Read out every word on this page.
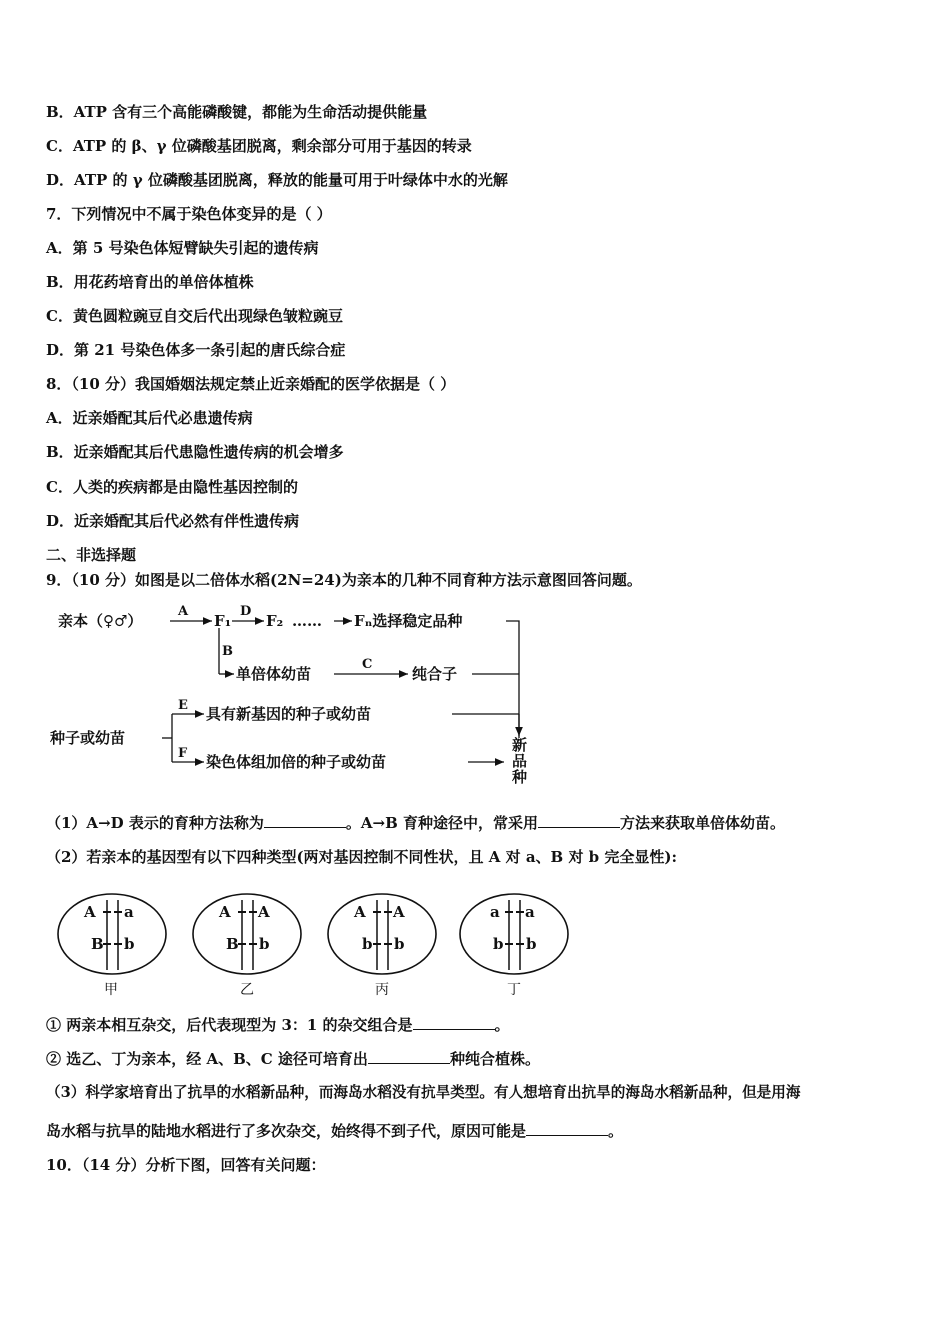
B．ATP 含有三个高能磷酸键，都能为生命活动提供能量
C．ATP 的 β、γ 位磷酸基团脱离，剩余部分可用于基因的转录
D．ATP 的 γ 位磷酸基团脱离，释放的能量可用于叶绿体中水的光解
7．下列情况中不属于染色体变异的是（ ）
A．第 5 号染色体短臂缺失引起的遗传病
B．用花药培育出的单倍体植株
C．黄色圆粒豌豆自交后代出现绿色皱粒豌豆
D．第 21 号染色体多一条引起的唐氏综合症
8．（10 分）我国婚姻法规定禁止近亲婚配的医学依据是（ ）
A．近亲婚配其后代必患遗传病
B．近亲婚配其后代患隐性遗传病的机会增多
C．人类的疾病都是由隐性基因控制的
D．近亲婚配其后代必然有伴性遗传病
二、非选择题
9．（10 分）如图是以二倍体水稻(2N=24)为亲本的几种不同育种方法示意图回答问题。
亲本（♀♂）
A
F₁
D
F₂ …… Fₙ选择稳定品种
B
单倍体幼苗
C
纯合子
种子或幼苗
E 具有新基因的种子或幼苗
F 染色体组加倍的种子或幼苗
新
品
种
（1）A→D 表示的育种方法称为	。A→B 育种途径中，常采用	方法来获取单倍体幼苗。
（2）若亲本的基因型有以下四种类型(两对基因控制不同性状，且 A 对 a、B 对 b 完全显性):
A a
B b
甲
A A
B b
乙
A A
b b
丙
a a
b b
丁
① 两亲本相互杂交，后代表现型为 3：1 的杂交组合是	。
② 选乙、丁为亲本，经 A、B、C 途径可培育出	种纯合植株。
（3）科学家培育出了抗旱的水稻新品种，而海岛水稻没有抗旱类型。有人想培育出抗旱的海岛水稻新品种，但是用海
岛水稻与抗旱的陆地水稻进行了多次杂交，始终得不到子代，原因可能是	。
10．（14 分）分析下图，回答有关问题：
